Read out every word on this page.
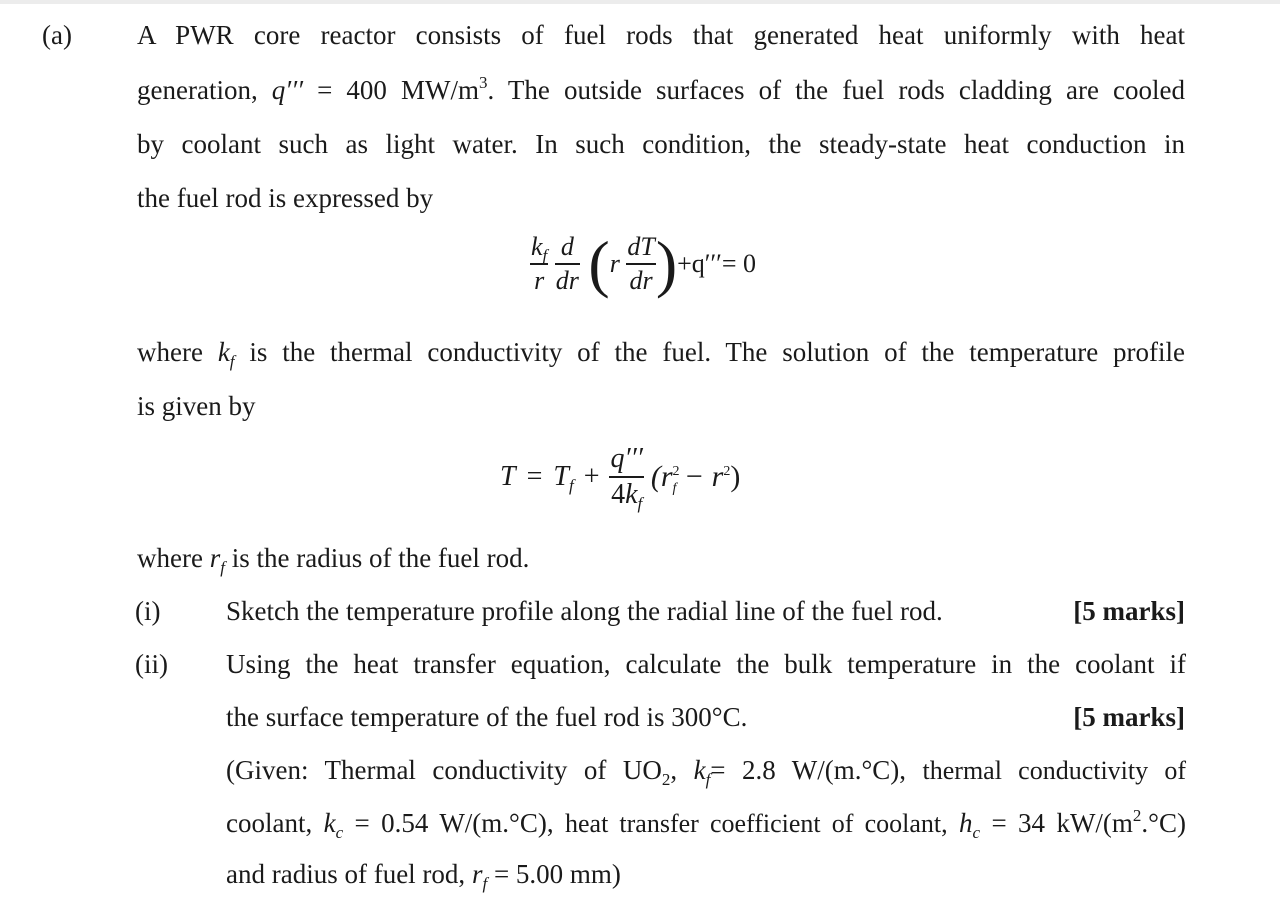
(a) A PWR core reactor consists of fuel rods that generated heat uniformly with heat
generation, q′′′ = 400 $MW/m^3$. The outside surfaces of the fuel rods cladding are cooled
by coolant such as light water. In such condition, the steady-state heat conduction in
the fuel rod is expressed by
$\frac{k_f}{r}$
$\frac{d}{dr} (r \frac{dT}{dr} )+q'''= 0$
where $k_f$ is the thermal conductivity of the fuel. The solution of the temperature profile
is given by
$T = T_f + \frac{q'''}{4k_f} (r^2_f - r^2)$
where $r_f$ is the radius of the fuel rod.
(i) Sketch the temperature profile along the radial line of the fuel rod.	[5 marks]
(ii) Using the heat transfer equation, calculate the bulk temperature in the coolant if
the surface temperature of the fuel rod is 300°C.	[5 marks]
(Given: Thermal conductivity of $UO_2$, $k_f= 2.8$ W/(m.°C), thermal conductivity of
coolant, $k_c = 0.54$ W/(m.°C), heat transfer coefficient of coolant, $h_c = 34$ $kW/(m^2.^\circ C)$
and radius of fuel rod, $r_f = 5.00$ mm)
